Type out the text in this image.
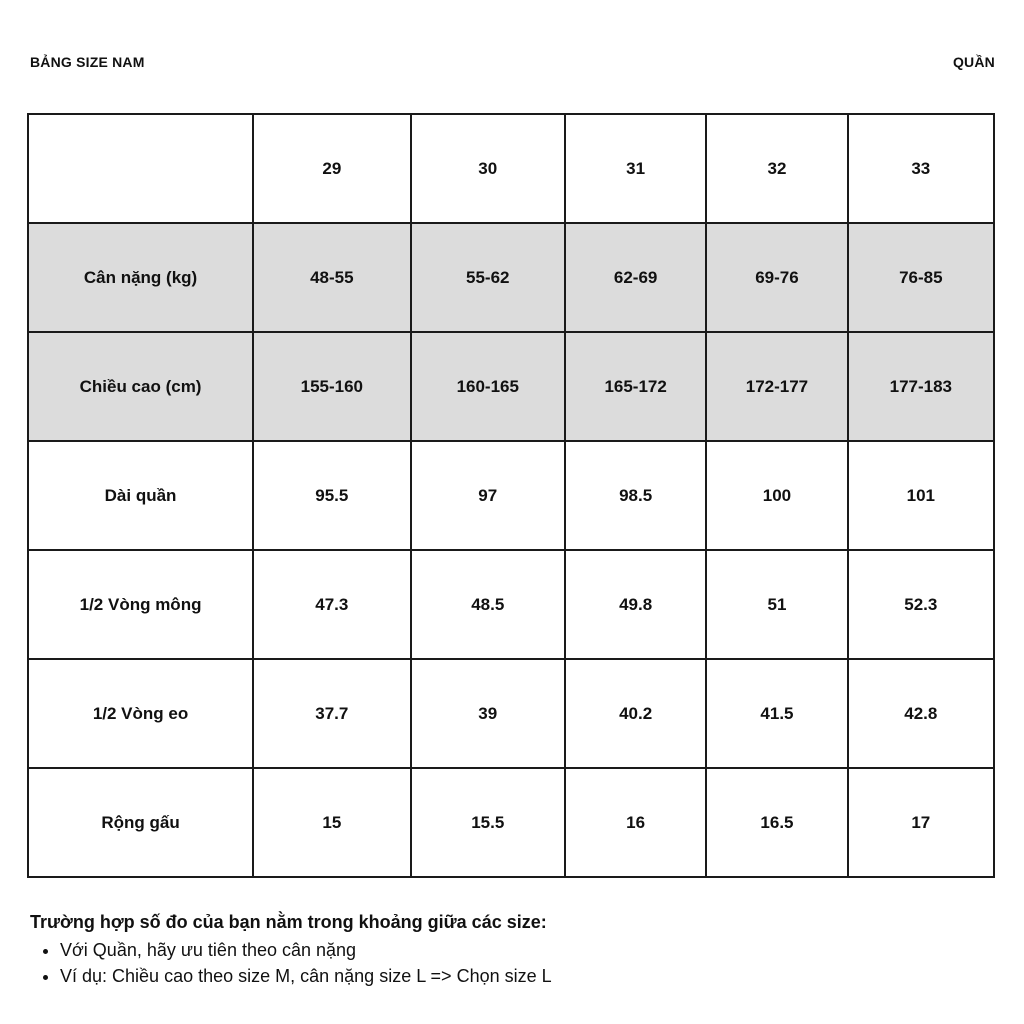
BẢNG SIZE NAM	QUẦN
	29	30	31	32	33
Cân nặng (kg)	48-55	55-62	62-69	69-76	76-85
Chiều cao (cm)	155-160	160-165	165-172	172-177	177-183
Dài quần	95.5	97	98.5	100	101
1/2 Vòng mông	47.3	48.5	49.8	51	52.3
1/2 Vòng eo	37.7	39	40.2	41.5	42.8
Rộng gấu	15	15.5	16	16.5	17
Trường hợp số đo của bạn nằm trong khoảng giữa các size:
• Với Quần, hãy ưu tiên theo cân nặng
• Ví dụ: Chiều cao theo size M, cân nặng size L => Chọn size L
